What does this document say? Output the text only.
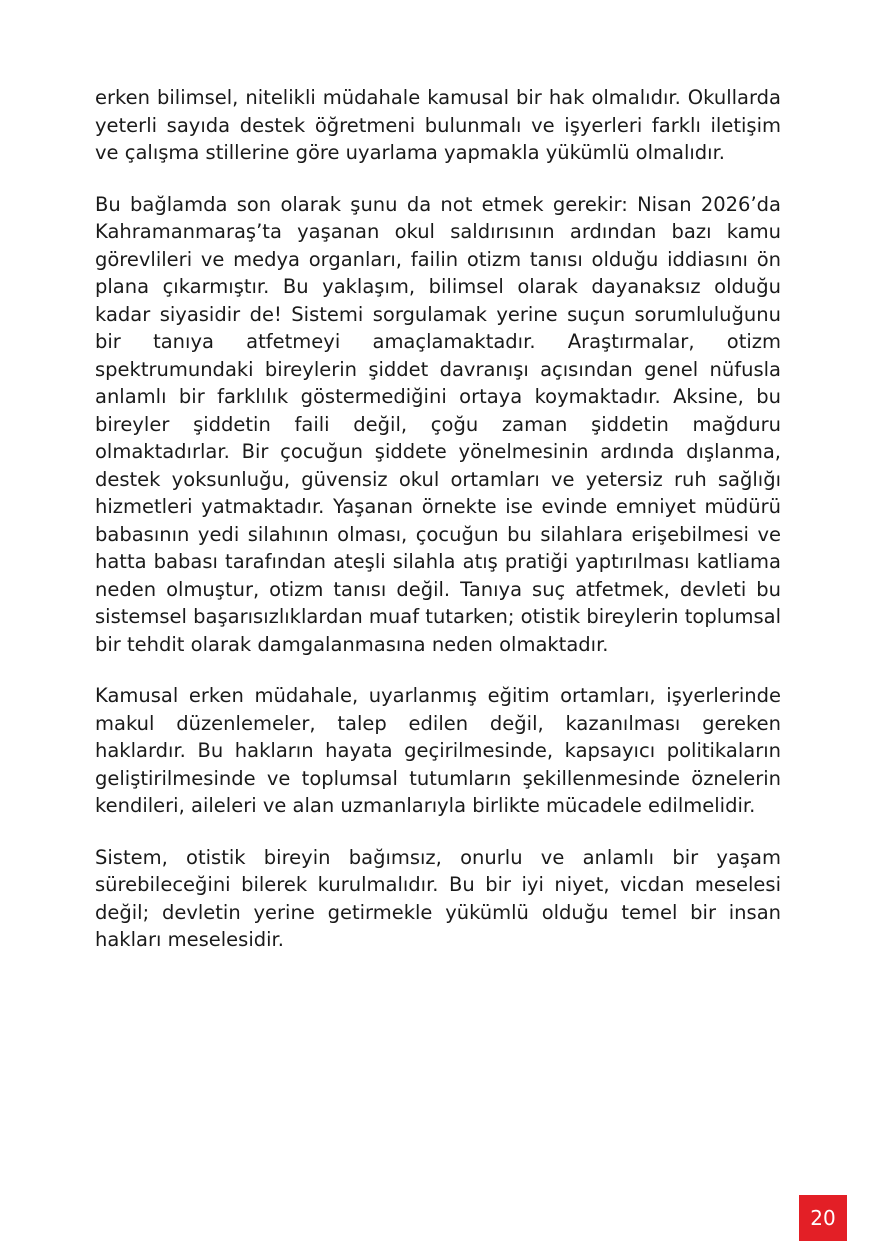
erken bilimsel, nitelikli müdahale kamusal bir hak olmalıdır. Okullarda yeterli sayıda destek öğretmeni bulunmalı ve işyerleri farklı iletişim ve çalışma stillerine göre uyarlama yapmakla yükümlü olmalıdır.

Bu bağlamda son olarak şunu da not etmek gerekir: Nisan 2026’da Kahramanmaraş’ta yaşanan okul saldırısının ardından bazı kamu görevlileri ve medya organları, failin otizm tanısı olduğu iddiasını ön plana çıkarmıştır. Bu yaklaşım, bilimsel olarak dayanaksız olduğu kadar siyasidir de! Sistemi sorgulamak yerine suçun sorumluluğunu bir tanıya atfetmeyi amaçlamaktadır. Araştırmalar, otizm spektrumundaki bireylerin şiddet davranışı açısından genel nüfusla anlamlı bir farklılık göstermediğini ortaya koymaktadır. Aksine, bu bireyler şiddetin faili değil, çoğu zaman şiddetin mağduru olmaktadırlar. Bir çocuğun şiddete yönelmesinin ardında dışlanma, destek yoksunluğu, güvensiz okul ortamları ve yetersiz ruh sağlığı hizmetleri yatmaktadır. Yaşanan örnekte ise evinde emniyet müdürü babasının yedi silahının olması, çocuğun bu silahlara erişebilmesi ve hatta babası tarafından ateşli silahla atış pratiği yaptırılması katliama neden olmuştur, otizm tanısı değil. Tanıya suç atfetmek, devleti bu sistemsel başarısızlıklardan muaf tutarken; otistik bireylerin toplumsal bir tehdit olarak damgalanmasına neden olmaktadır.

Kamusal erken müdahale, uyarlanmış eğitim ortamları, işyerlerinde makul düzenlemeler, talep edilen değil, kazanılması gereken haklardır. Bu hakların hayata geçirilmesinde, kapsayıcı politikaların geliştirilmesinde ve toplumsal tutumların şekillenmesinde öznelerin kendileri, aileleri ve alan uzmanlarıyla birlikte mücadele edilmelidir.

Sistem, otistik bireyin bağımsız, onurlu ve anlamlı bir yaşam sürebileceğini bilerek kurulmalıdır. Bu bir iyi niyet, vicdan meselesi değil; devletin yerine getirmekle yükümlü olduğu temel bir insan hakları meselesidir.

20
